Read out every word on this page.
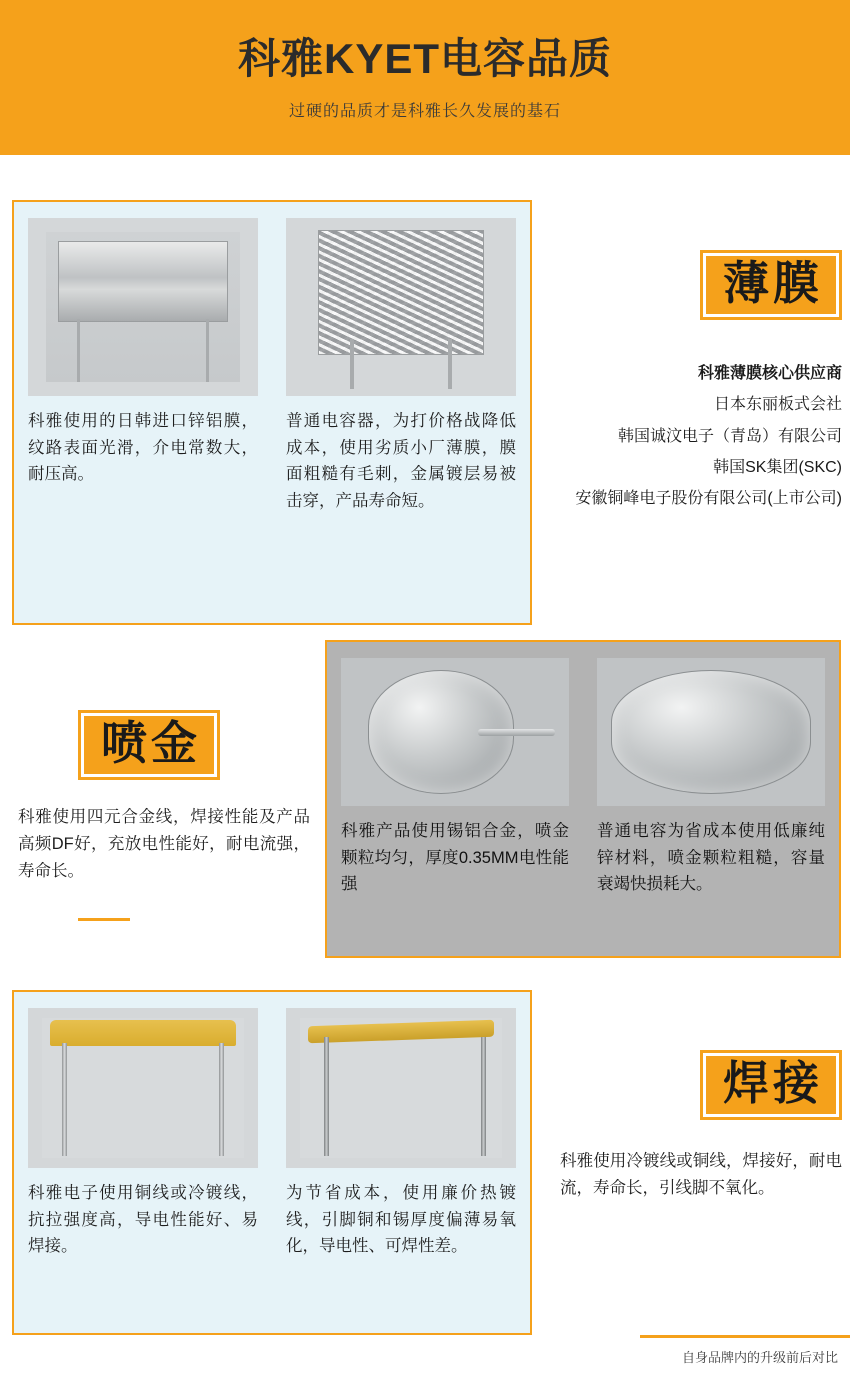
科雅KYET电容品质
过硬的品质才是科雅长久发展的基石
科雅使用的日韩进口锌铝膜，纹路表面光滑，介电常数大，耐压高。
普通电容器，为打价格战降低成本，使用劣质小厂薄膜，膜面粗糙有毛刺，金属镀层易被击穿，产品寿命短。
薄膜
科雅薄膜核心供应商
日本东丽板式会社
韩国诚汶电子（青岛）有限公司
韩国SK集团(SKC)
安徽铜峰电子股份有限公司(上市公司)
科雅产品使用锡铝合金，喷金颗粒均匀，厚度0.35MM电性能强
普通电容为省成本使用低廉纯锌材料，喷金颗粒粗糙，容量衰竭快损耗大。
喷金
科雅使用四元合金线，焊接性能及产品高频DF好，充放电性能好，耐电流强，寿命长。
科雅电子使用铜线或冷镀线，抗拉强度高，导电性能好、易焊接。
为节省成本，使用廉价热镀线，引脚铜和锡厚度偏薄易氧化，导电性、可焊性差。
焊接
科雅使用冷镀线或铜线，焊接好，耐电流，寿命长，引线脚不氧化。
自身品牌内的升级前后对比
